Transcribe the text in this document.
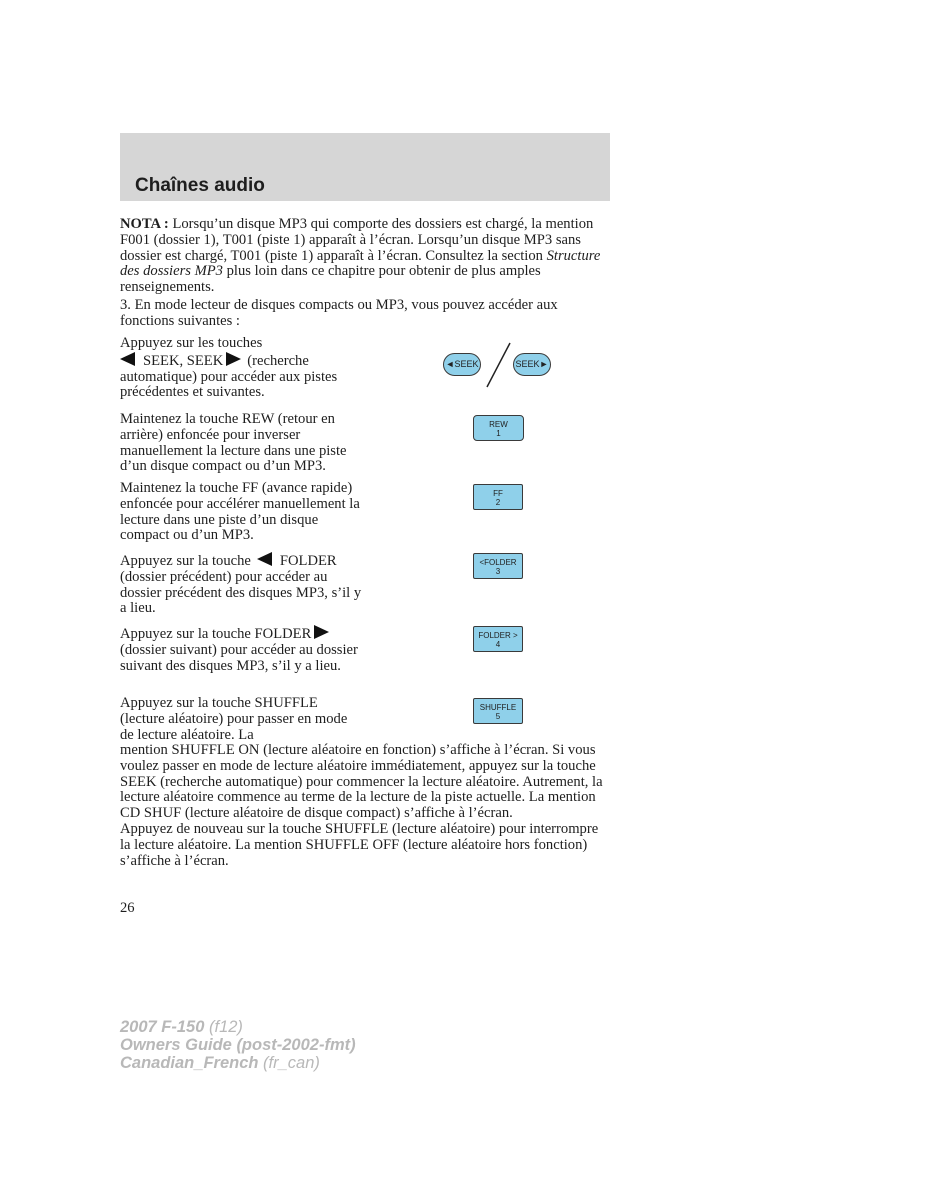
Chaînes audio

NOTA : Lorsqu’un disque MP3 qui comporte des dossiers est chargé, la mention F001 (dossier 1), T001 (piste 1) apparaît à l’écran. Lorsqu’un disque MP3 sans dossier est chargé, T001 (piste 1) apparaît à l’écran. Consultez la section Structure des dossiers MP3 plus loin dans ce chapitre pour obtenir de plus amples renseignements.

3. En mode lecteur de disques compacts ou MP3, vous pouvez accéder aux fonctions suivantes :

Appuyez sur les touches
SEEK, SEEK (recherche automatique) pour accéder aux pistes précédentes et suivantes.

Maintenez la touche REW (retour en arrière) enfoncée pour inverser manuellement la lecture dans une piste d’un disque compact ou d’un MP3.

Maintenez la touche FF (avance rapide) enfoncée pour accélérer manuellement la lecture dans une piste d’un disque compact ou d’un MP3.

Appuyez sur la touche FOLDER (dossier précédent) pour accéder au dossier précédent des disques MP3, s’il y a lieu.

Appuyez sur la touche FOLDER(dossier suivant) pour accéder au dossier suivant des disques MP3, s’il y a lieu.

Appuyez sur la touche SHUFFLE (lecture aléatoire) pour passer en mode de lecture aléatoire. La

mention SHUFFLE ON (lecture aléatoire en fonction) s’affiche à l’écran. Si vous voulez passer en mode de lecture aléatoire immédiatement, appuyez sur la touche SEEK (recherche automatique) pour commencer la lecture aléatoire. Autrement, la lecture aléatoire commence au terme de la lecture de la piste actuelle. La mention CD SHUF (lecture aléatoire de disque compact) s’affiche à l’écran.

Appuyez de nouveau sur la touche SHUFFLE (lecture aléatoire) pour interrompre la lecture aléatoire. La mention SHUFFLE OFF (lecture aléatoire hors fonction) s’affiche à l’écran.

26
◄SEEK	SEEK►
REW
1
FF
2
<FOLDER
3
FOLDER >
4
SHUFFLE
5
2007 F-150 (f12)
Owners Guide (post-2002-fmt)
Canadian_French (fr_can)
